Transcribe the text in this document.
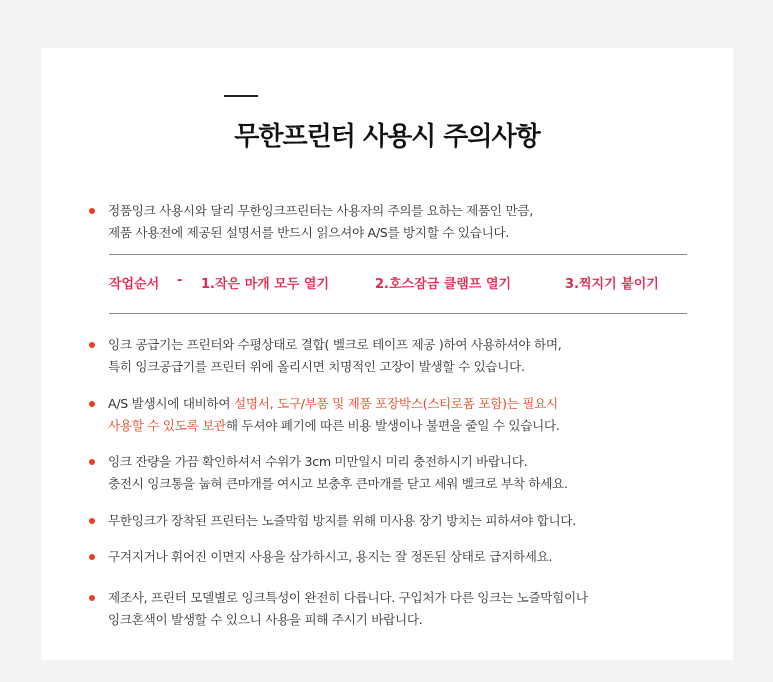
무한프린터 사용시 주의사항
정품잉크 사용시와 달리 무한잉크프린터는 사용자의 주의를 요하는 제품인 만큼,
제품 사용전에 제공된 설명서를 반드시 읽으셔야 A/S를 방지할 수 있습니다.
작업순서 - 1.작은 마개 모두 열기	2.호스잠금 클램프 열기	3.찍지기 붙이기
잉크 공급기는 프린터와 수평상태로 결합( 벨크로 테이프 제공 )하여 사용하셔야 하며,
특히 잉크공급기를 프린터 위에 올리시면 치명적인 고장이 발생할 수 있습니다.
A/S 발생시에 대비하여 설명서, 도구/부품 및 제품 포장박스(스티로폼 포함)는 필요시
사용할 수 있도록 보관해 두셔야 폐기에 따른 비용 발생이나 불편을 줄일 수 있습니다.
잉크 잔량을 가끔 확인하셔서 수위가 3cm 미만일시 미리 충전하시기 바랍니다.
충전시 잉크통을 눕혀 큰마개를 여시고 보충후 큰마개를 닫고 세워 벨크로 부착 하세요.
무한잉크가 장착된 프린터는 노즐막힘 방지를 위해 미사용 장기 방치는 피하셔야 합니다.
구겨지거나 휘어진 이면지 사용을 삼가하시고, 용지는 잘 정돈된 상태로 급지하세요.
제조사, 프린터 모델별로 잉크특성이 완전히 다릅니다. 구입처가 다른 잉크는 노즐막힘이나
잉크혼색이 발생할 수 있으니 사용을 피해 주시기 바랍니다.
